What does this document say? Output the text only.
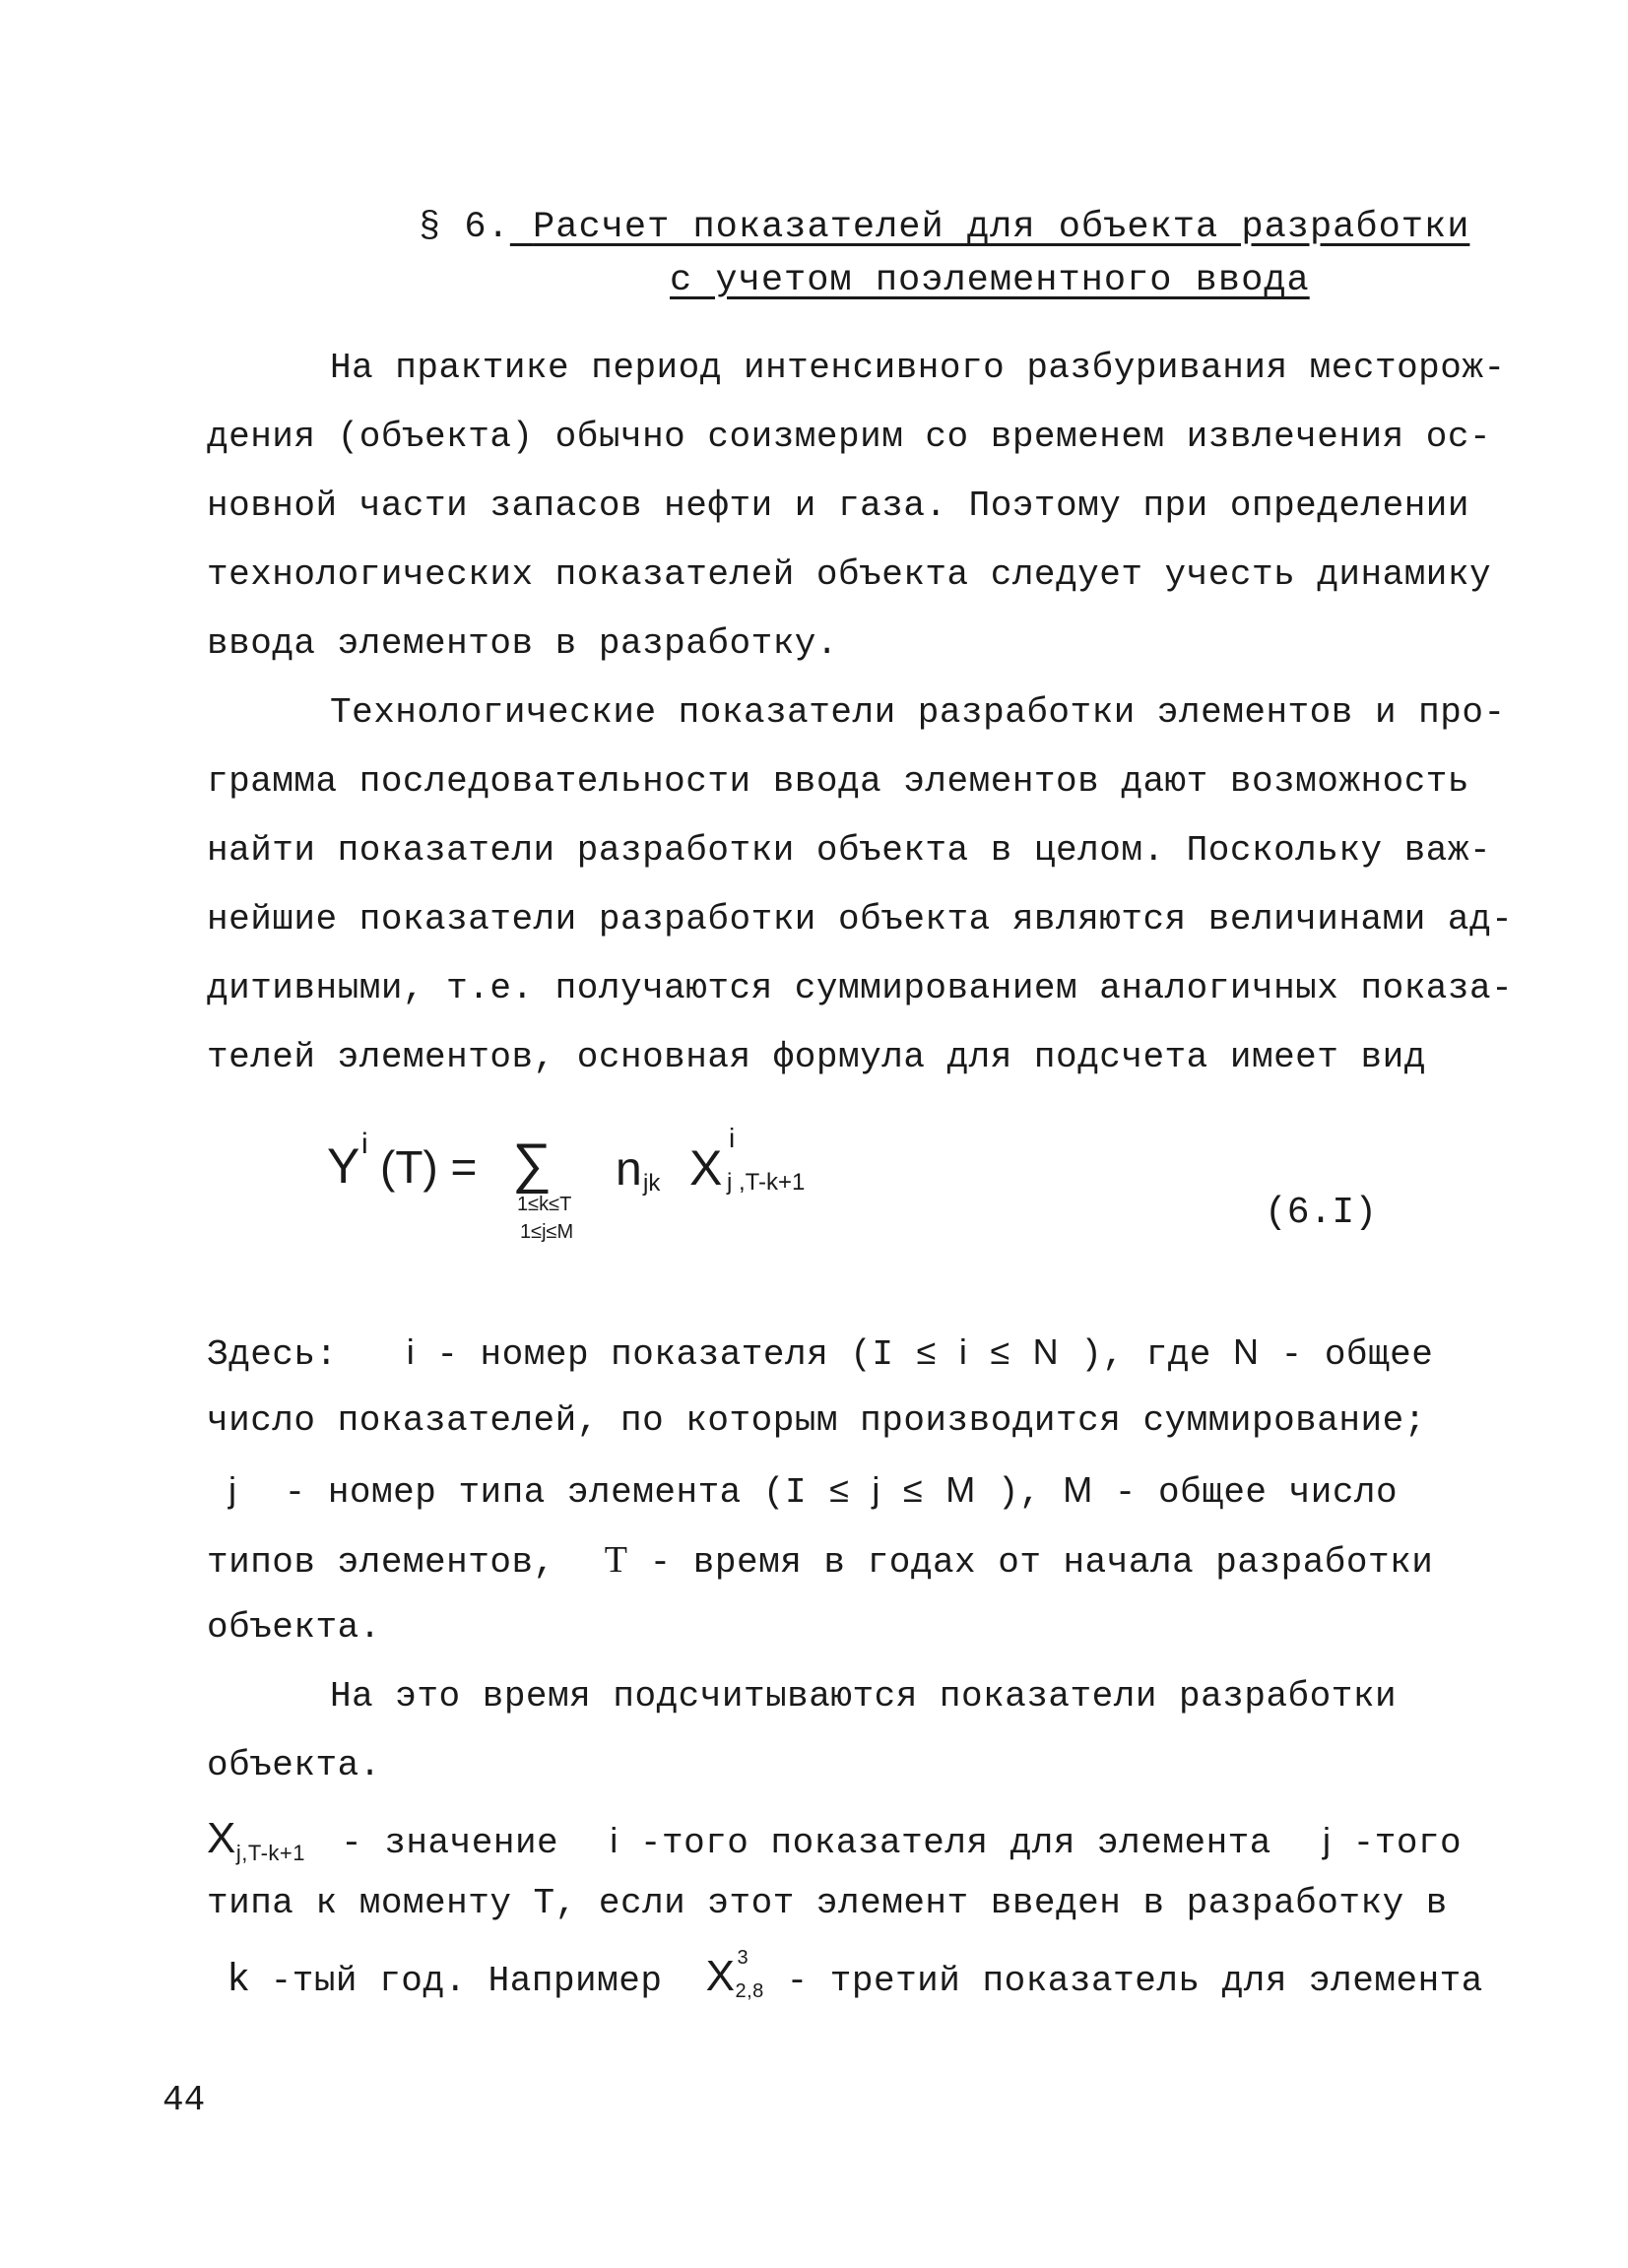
§ 6. Расчет показателей для объекта разработки
с учетом поэлементного ввода
На практике период интенсивного разбуривания месторож-
дения (объекта) обычно соизмерим со временем извлечения ос-
новной части запасов нефти и газа. Поэтому при определении
технологических показателей объекта следует учесть динамику
ввода элементов в разработку.
Технологические показатели разработки элементов и про-
грамма последовательности ввода элементов дают возможность
найти показатели разработки объекта в целом. Поскольку важ-
нейшие показатели разработки объекта являются величинами ад-
дитивными, т.е. получаются суммированием аналогичных показа-
телей элементов, основная формула для подсчета имеет вид
Y i (T) = ∑
1≤k≤T
1≤j≤M
n jk X
i
j ,T-k+1
(6.I)
Здесь: i - номер показателя (I ≤ i ≤ N ), где N - общее
число показателей, по которым производится суммирование;
j - номер типа элемента (I ≤ j ≤ M ), M - общее число
типов элементов, T - время в годах от начала разработки
объекта.
На это время подсчитываются показатели разработки
объекта.
$X_{j,T-k+1}$ - значение i -того показателя для элемента j -того
типа к моменту Т, если этот элемент введен в разработку в
k -тый год. Например X 3
2,8 - третий показатель для элемента
44
